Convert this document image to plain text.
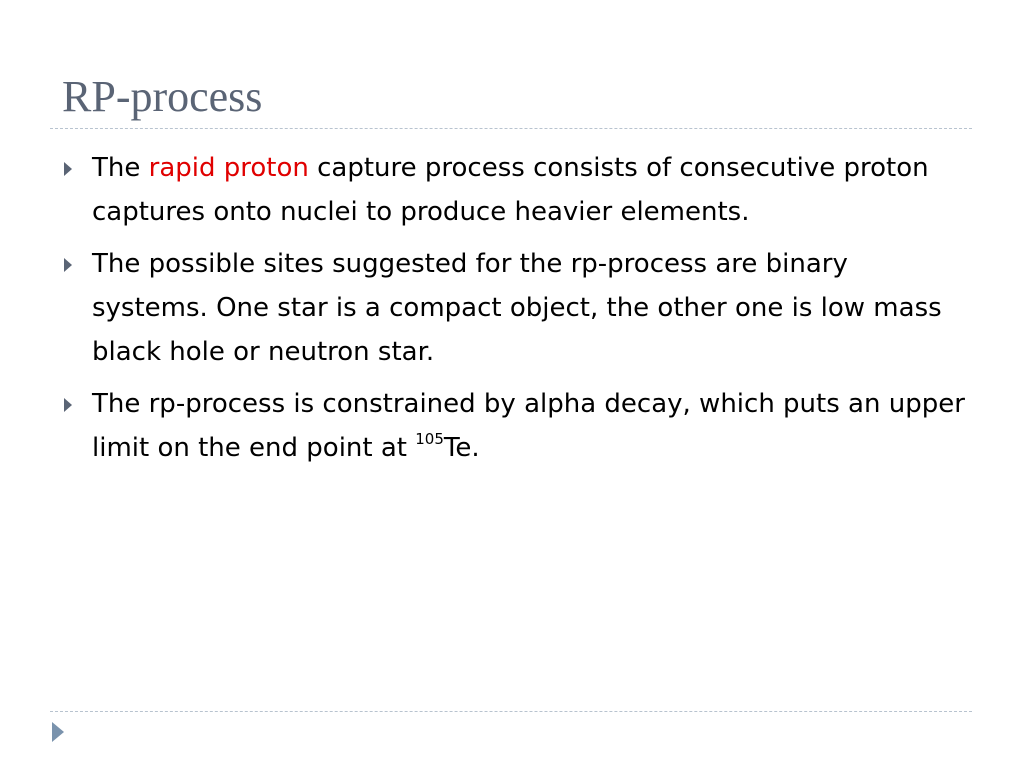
RP-process
The rapid proton capture process consists of consecutive proton captures onto nuclei to produce heavier elements.
The possible sites suggested for the rp-process are binary systems. One star is a compact object, the other one is low mass black hole or neutron star.
The rp-process is constrained by alpha decay, which puts an upper limit on the end point at $^{105}$Te.
